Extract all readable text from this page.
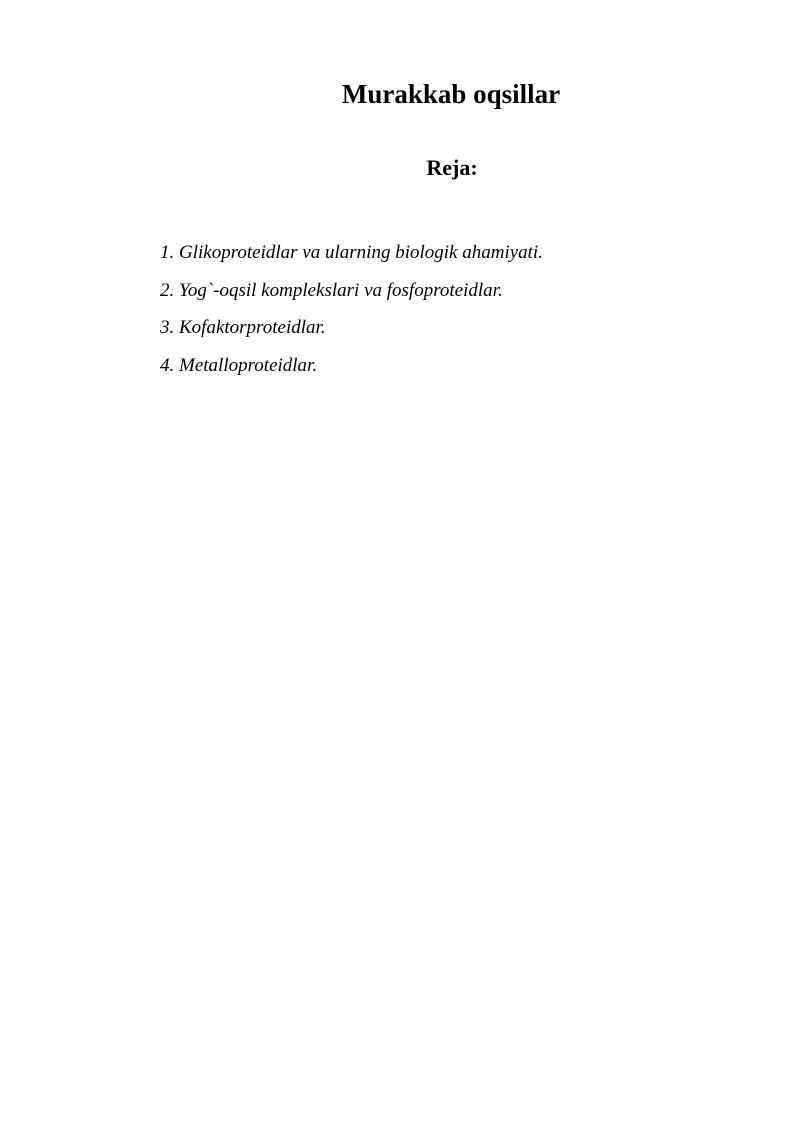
Murakkab oqsillar
Reja:
1. Glikoproteidlar va ularning biologik ahamiyati.
2. Yog`-oqsil komplekslari va fosfoproteidlar.
3. Kofaktorproteidlar.
4. Metalloproteidlar.
